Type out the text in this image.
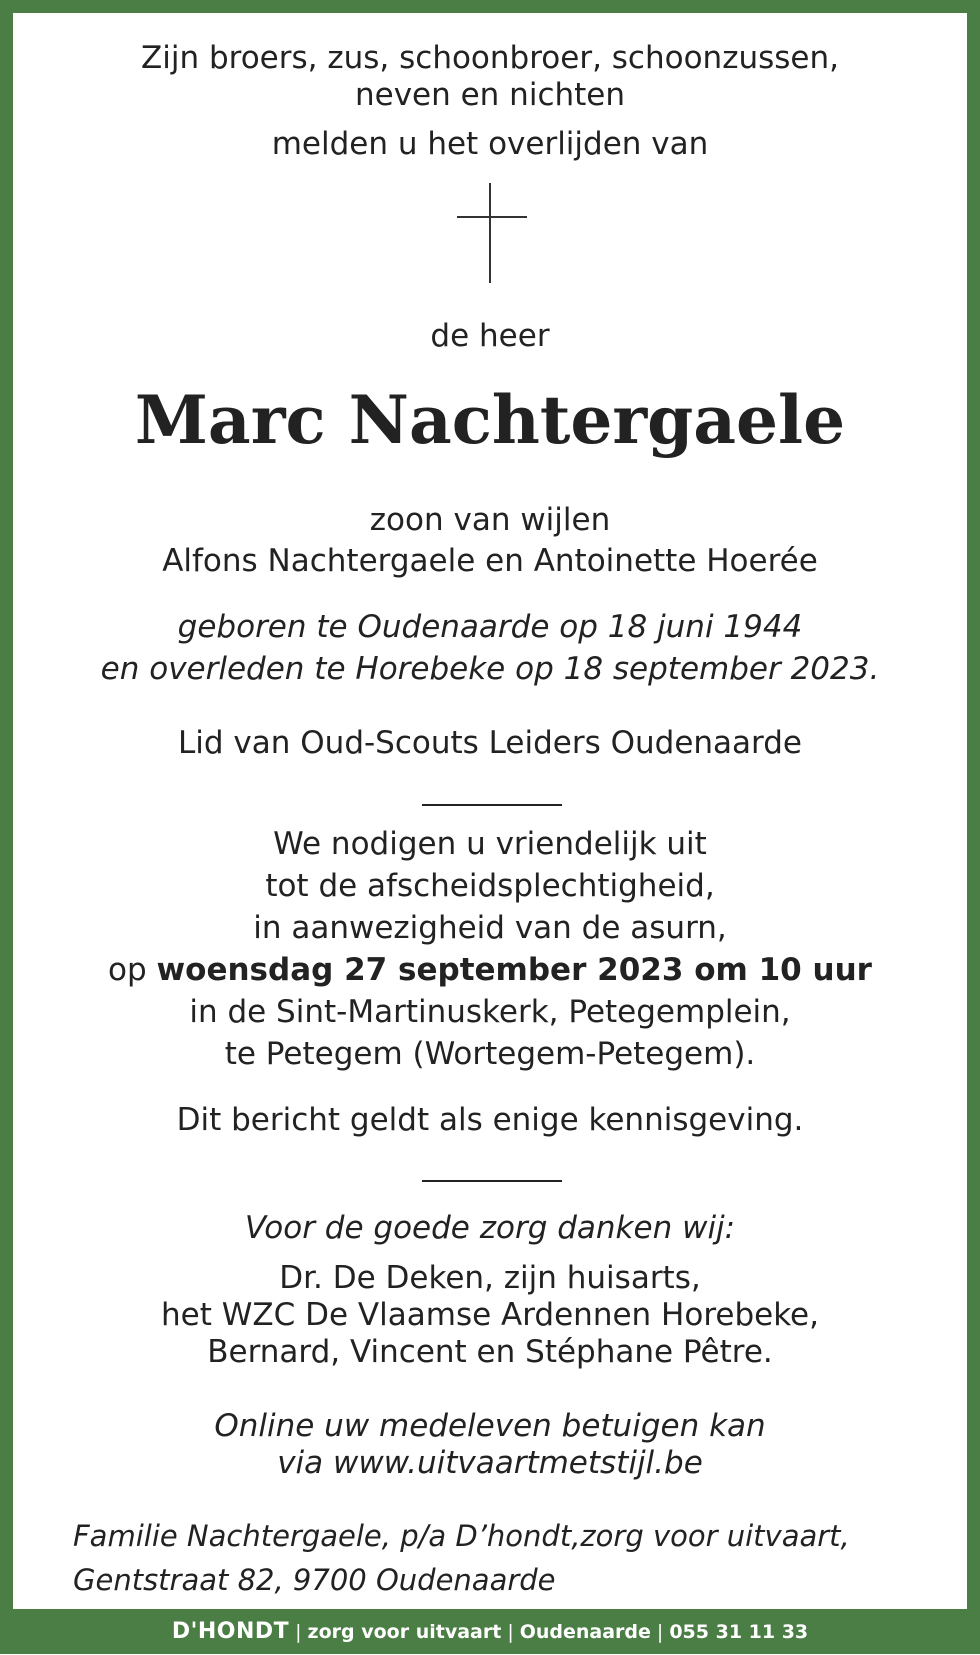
Zijn broers, zus, schoonbroer, schoonzussen,
neven en nichten
melden u het overlijden van
de heer
Marc Nachtergaele
zoon van wijlen
Alfons Nachtergaele en Antoinette Hoerée
geboren te Oudenaarde op 18 juni 1944
en overleden te Horebeke op 18 september 2023.
Lid van Oud-Scouts Leiders Oudenaarde
We nodigen u vriendelijk uit
tot de afscheidsplechtigheid,
in aanwezigheid van de asurn,
op woensdag 27 september 2023 om 10 uur
in de Sint-Martinuskerk, Petegemplein,
te Petegem (Wortegem-Petegem).
Dit bericht geldt als enige kennisgeving.
Voor de goede zorg danken wij:
Dr. De Deken, zijn huisarts,
het WZC De Vlaamse Ardennen Horebeke,
Bernard, Vincent en Stéphane Pêtre.
Online uw medeleven betuigen kan
via www.uitvaartmetstijl.be
Familie Nachtergaele, p/a D’hondt,zorg voor uitvaart,
Gentstraat 82, 9700 Oudenaarde
D'HONDT | zorg voor uitvaart | Oudenaarde | 055 31 11 33
